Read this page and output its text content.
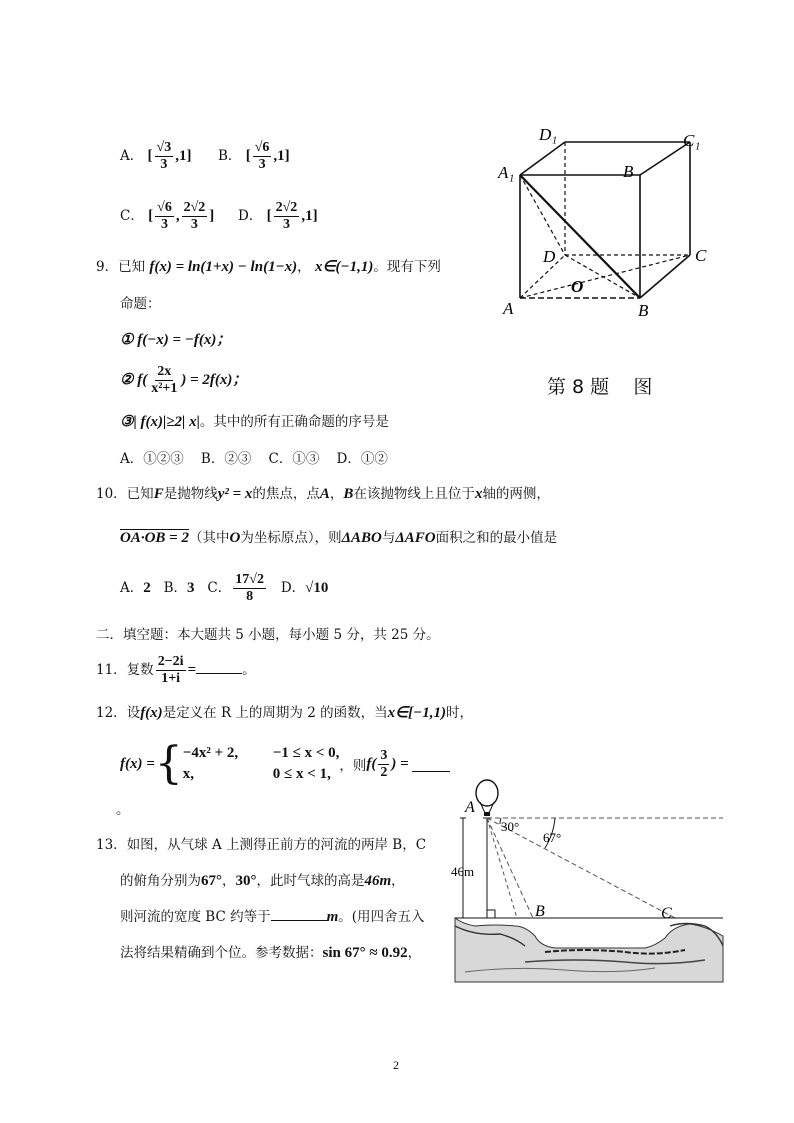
A． [ $\frac{√3}{3} ,1$] B． [ $\frac{√6}{3} ,1$]
C． [ $\frac{√6}{3}$ , $\frac{2√2}{3}$ ] D． [ $\frac{2√2}{3} ,1$]
D₁	C₁
A₁	B
D	C
O
A	B
第 8 题    图
9．已知 f(x) = ln(1+x) − ln(1−x)， x∈(−1,1)。现有下列
命题：
① f(−x) = −f(x)；
② $f( \frac{2x}{\text{x²+1}}$ ) = 2f(x)；
③| f(x)|≥2| x|。其中的所有正确命题的序号是
A．①②③    B．②③    C．①③    D．①②
10．已知F是抛物线y² = x的焦点，点A，B在该抛物线上且位于x轴的两侧，
OA·OB = 2（其中O为坐标原点），则ΔABO与ΔAFO面积之和的最小值是
A．2 B．3 C． $\frac{17√2}{8}$ D．√10
二．填空题：本大题共 5 小题，每小题 5 分，共 25 分。
11．复数 $\frac{2-2i}{1+i}$ =	。
12．设f(x)是定义在 R 上的周期为 2 的函数，当x∈[−1,1)时，
f(x) = { −4x² + 2,	−1 ≤ x < 0,
x,	0 ≤ x < 1, ，则 $f( \frac{3}{2}$ ) =
。
13．如图，从气球 A 上测得正前方的河流的两岸 B，C
的俯角分别为67°，30°，此时气球的高是46m，
则河流的宽度 BC 约等于	m。(用四舍五入
法将结果精确到个位。参考数据：sin 67° ≈ 0.92，
A
30°
67°
46m
B	C
2
